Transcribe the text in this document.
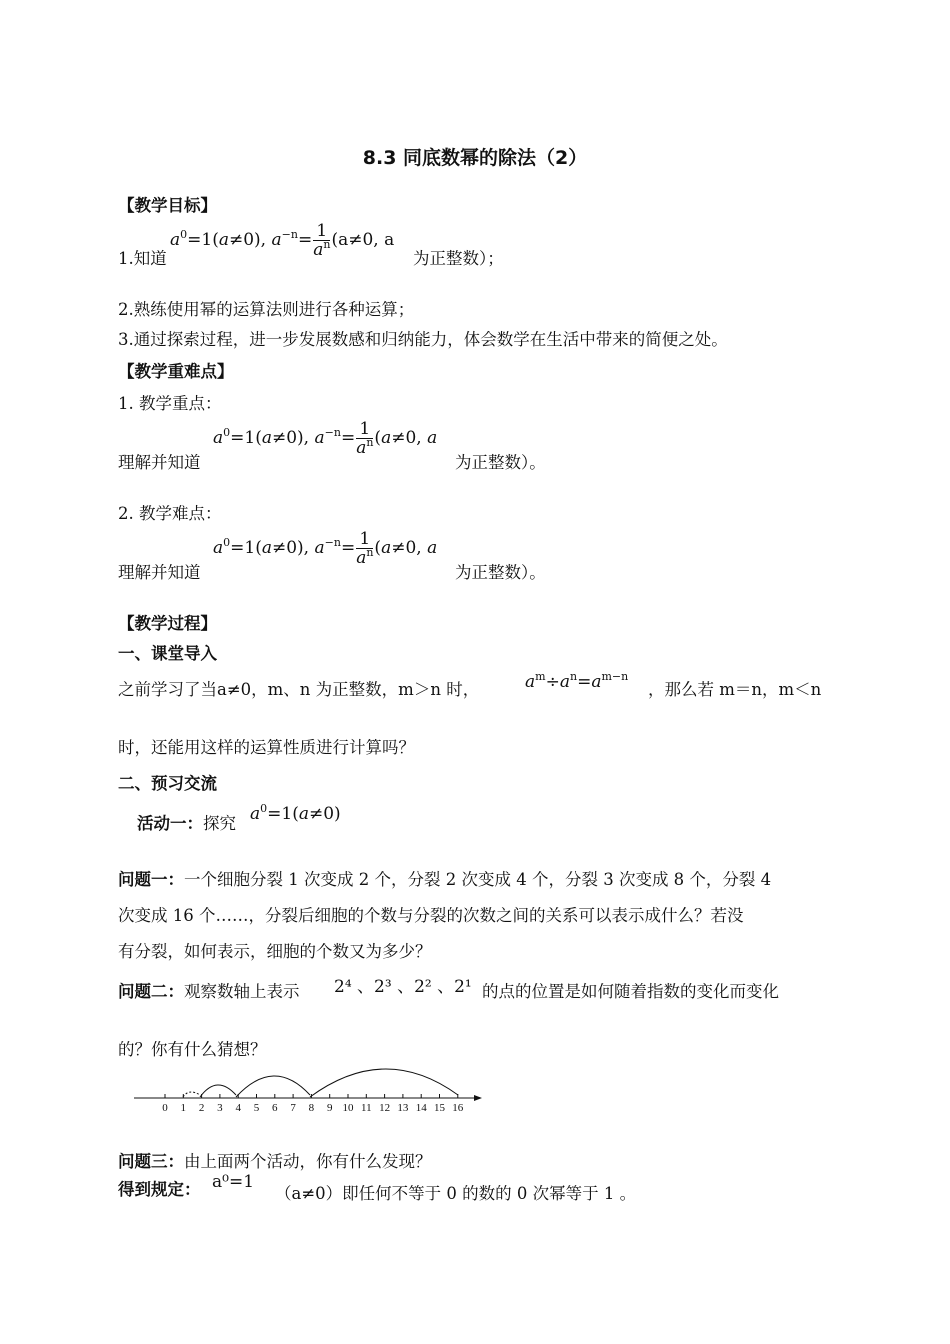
8.3 同底数幂的除法（2）
【教学目标】
1.知道
$a^0=1(a\ne 0)$, $a^{-n}= \frac{1}{a^n} (a\ne 0$, a
为正整数）；
2.熟练使用幂的运算法则进行各种运算；
3.通过探索过程，进一步发展数感和归纳能力，体会数学在生活中带来的简便之处。
【教学重难点】
1. 教学重点：
理解并知道
$a^0=1(a\ne 0)$, $a^{-n}= \frac{1}{a^n} (a\ne 0$, a
为正整数）。
2. 教学难点：
理解并知道
$a^0=1(a\ne 0)$, $a^{-n}= \frac{1}{a^n} (a\ne 0$, a
为正整数）。
【教学过程】
一、课堂导入
之前学习了当a≠0，m、n 为正整数，m＞n 时，	$a^m\div a^n=a^{m-n}$
，那么若 m＝n，m＜n
时，还能用这样的运算性质进行计算吗？
二、预习交流
活动一：探究 $a^0=1(a\ne 0)$
问题一：一个细胞分裂 1 次变成 2 个，分裂 2 次变成 4 个，分裂 3 次变成 8 个，分裂 4
次变成 16 个……，分裂后细胞的个数与分裂的次数之间的关系可以表示成什么？若没
有分裂，如何表示，细胞的个数又为多少？
问题二：观察数轴上表示 2⁴ 、2³ 、2² 、2¹ 的点的位置是如何随着指数的变化而变化
的？你有什么猜想？
0 1 2 3 4 5 6 7 8 9 10 11 12 13 14 15 16
问题三：由上面两个活动，你有什么发现？
得到规定： a⁰=1
（a≠0）即任何不等于 0 的数的 0 次幂等于 1 。
